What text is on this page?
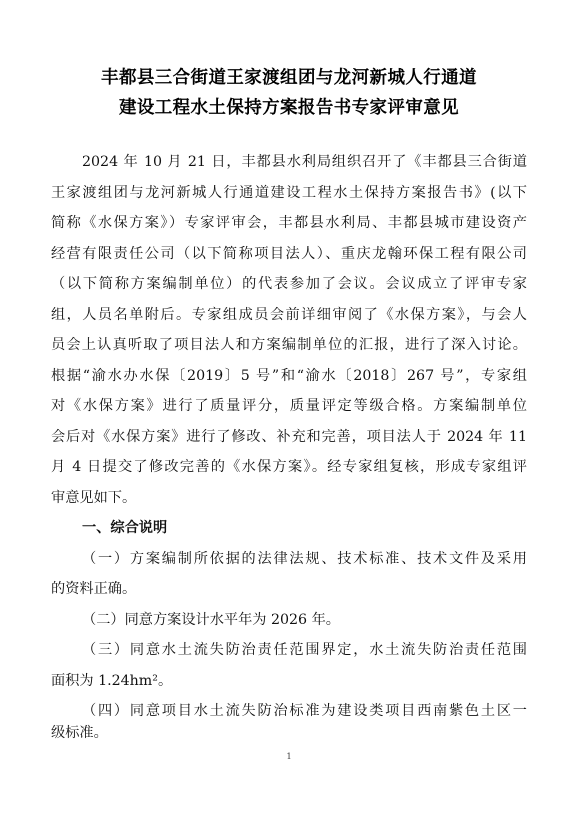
丰都县三合街道王家渡组团与龙河新城人行通道
建设工程水土保持方案报告书专家评审意见
2024 年 10 月 21 日，丰都县水利局组织召开了《丰都县三合街道
王家渡组团与龙河新城人行通道建设工程水土保持方案报告书》(以下
简称《水保方案》）专家评审会，丰都县水利局、丰都县城市建设资产
经营有限责任公司（以下简称项目法人）、重庆龙翰环保工程有限公司
（以下简称方案编制单位）的代表参加了会议。会议成立了评审专家
组，人员名单附后。专家组成员会前详细审阅了《水保方案》，与会人
员会上认真听取了项目法人和方案编制单位的汇报，进行了深入讨论。
根据“渝水办水保〔2019〕5 号”和“渝水〔2018〕267 号”，专家组
对《水保方案》进行了质量评分，质量评定等级合格。方案编制单位
会后对《水保方案》进行了修改、补充和完善，项目法人于 2024 年 11
月 4 日提交了修改完善的《水保方案》。经专家组复核，形成专家组评
审意见如下。
一、综合说明
（一）方案编制所依据的法律法规、技术标准、技术文件及采用
的资料正确。
（二）同意方案设计水平年为 2026 年。
（三）同意水土流失防治责任范围界定，水土流失防治责任范围
面积为 1.24hm²。
（四）同意项目水土流失防治标准为建设类项目西南紫色土区一
级标准。
1
